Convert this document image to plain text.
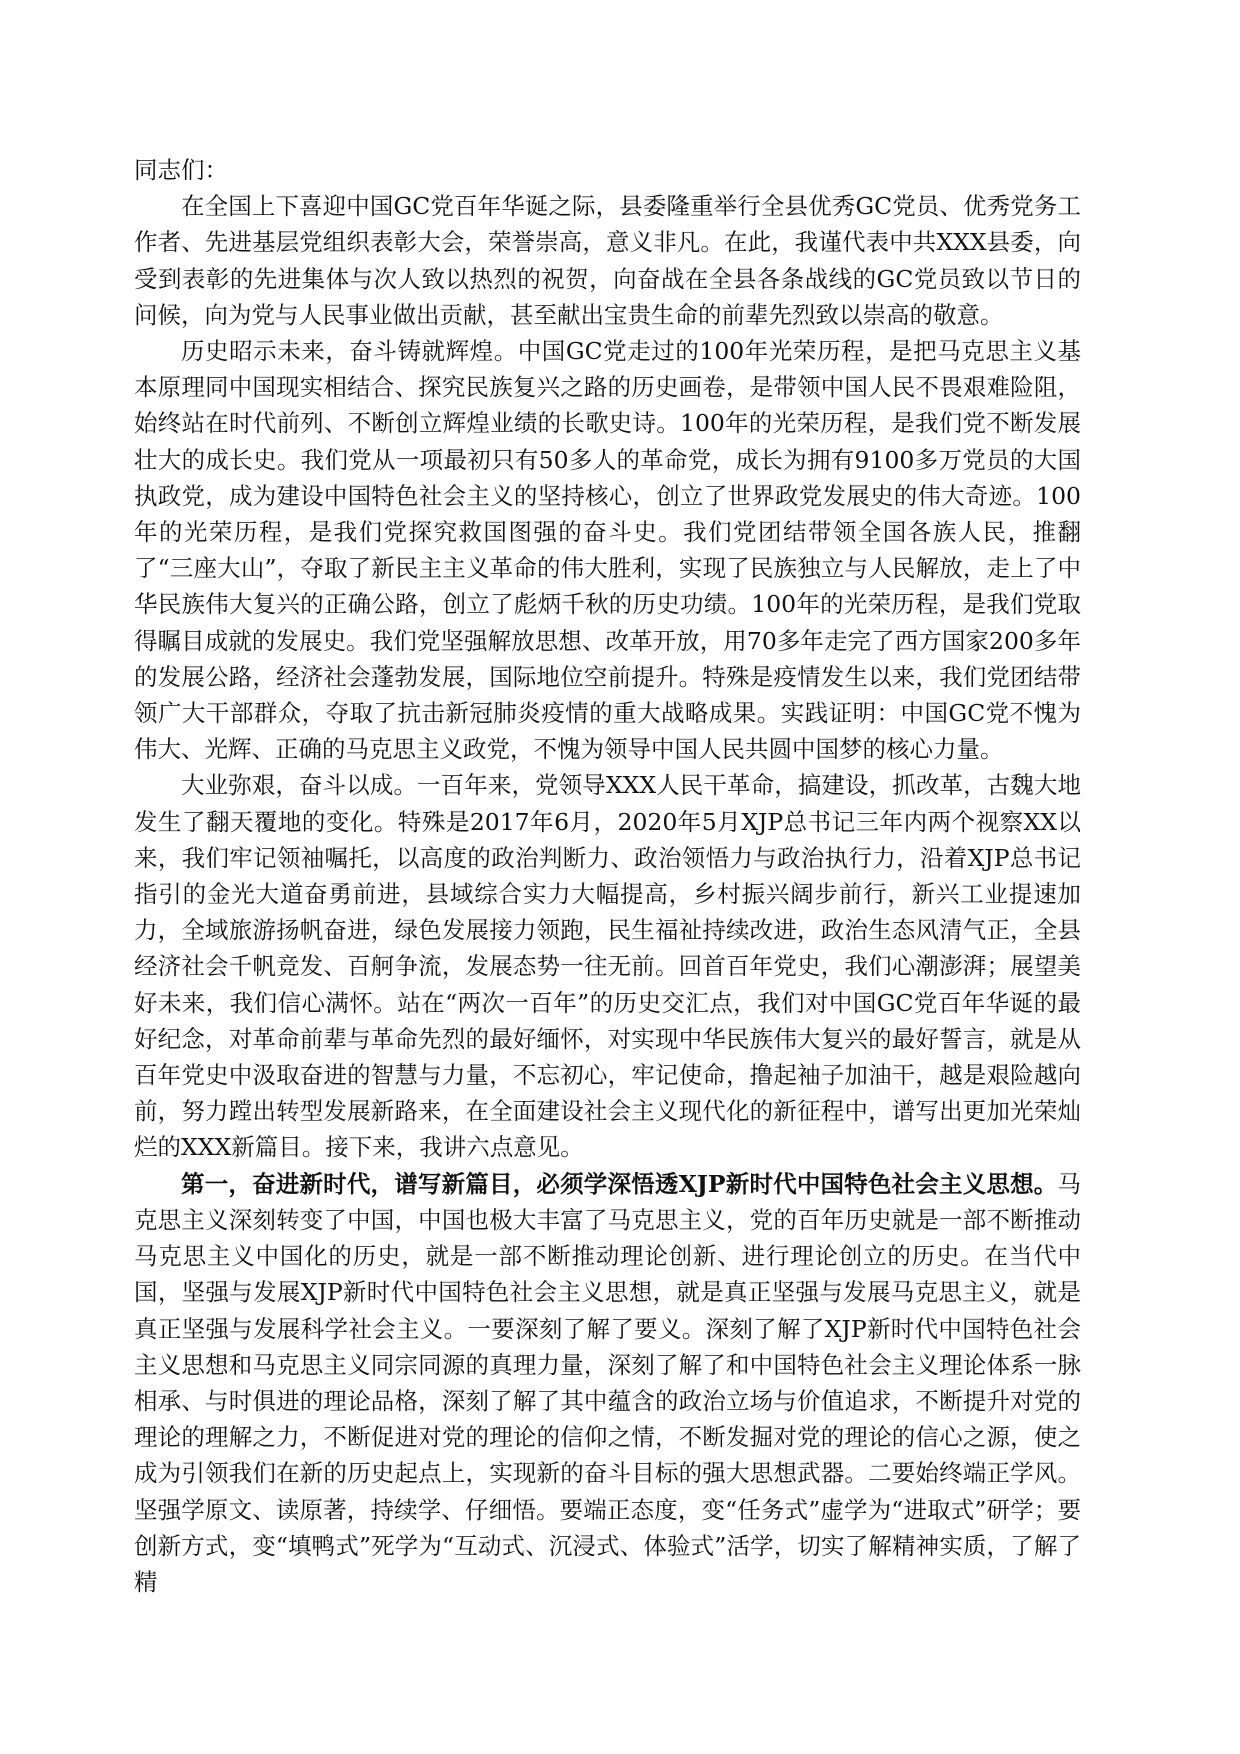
同志们：

在全国上下喜迎中国GC党百年华诞之际，县委隆重举行全县优秀GC党员、优秀党务工作者、先进基层党组织表彰大会，荣誉崇高，意义非凡。在此，我谨代表中共XXX县委，向受到表彰的先进集体与次人致以热烈的祝贺，向奋战在全县各条战线的GC党员致以节日的问候，向为党与人民事业做出贡献，甚至献出宝贵生命的前辈先烈致以崇高的敬意。

历史昭示未来，奋斗铸就辉煌。中国GC党走过的100年光荣历程，是把马克思主义基本原理同中国现实相结合、探究民族复兴之路的历史画卷，是带领中国人民不畏艰难险阻，始终站在时代前列、不断创立辉煌业绩的长歌史诗。100年的光荣历程，是我们党不断发展壮大的成长史。我们党从一项最初只有50多人的革命党，成长为拥有9100多万党员的大国执政党，成为建设中国特色社会主义的坚持核心，创立了世界政党发展史的伟大奇迹。100年的光荣历程，是我们党探究救国图强的奋斗史。我们党团结带领全国各族人民，推翻了“三座大山”，夺取了新民主主义革命的伟大胜利，实现了民族独立与人民解放，走上了中华民族伟大复兴的正确公路，创立了彪炳千秋的历史功绩。100年的光荣历程，是我们党取得瞩目成就的发展史。我们党坚强解放思想、改革开放，用70多年走完了西方国家200多年的发展公路，经济社会蓬勃发展，国际地位空前提升。特殊是疫情发生以来，我们党团结带领广大干部群众，夺取了抗击新冠肺炎疫情的重大战略成果。实践证明：中国GC党不愧为伟大、光辉、正确的马克思主义政党，不愧为领导中国人民共圆中国梦的核心力量。

大业弥艰，奋斗以成。一百年来，党领导XXX人民干革命，搞建设，抓改革，古魏大地发生了翻天覆地的变化。特殊是2017年6月，2020年5月XJP总书记三年内两个视察XX以来，我们牢记领袖嘱托，以高度的政治判断力、政治领悟力与政治执行力，沿着XJP总书记指引的金光大道奋勇前进，县域综合实力大幅提高，乡村振兴阔步前行，新兴工业提速加力，全域旅游扬帆奋进，绿色发展接力领跑，民生福祉持续改进，政治生态风清气正，全县经济社会千帆竞发、百舸争流，发展态势一往无前。回首百年党史，我们心潮澎湃；展望美好未来，我们信心满怀。站在“两次一百年”的历史交汇点，我们对中国GC党百年华诞的最好纪念，对革命前辈与革命先烈的最好缅怀，对实现中华民族伟大复兴的最好誓言，就是从百年党史中汲取奋进的智慧与力量，不忘初心，牢记使命，撸起袖子加油干，越是艰险越向前，努力蹚出转型发展新路来，在全面建设社会主义现代化的新征程中，谱写出更加光荣灿烂的XXX新篇目。接下来，我讲六点意见。

第一，奋进新时代，谱写新篇目，必须学深悟透XJP新时代中国特色社会主义思想。马克思主义深刻转变了中国，中国也极大丰富了马克思主义，党的百年历史就是一部不断推动马克思主义中国化的历史，就是一部不断推动理论创新、进行理论创立的历史。在当代中国，坚强与发展XJP新时代中国特色社会主义思想，就是真正坚强与发展马克思主义，就是真正坚强与发展科学社会主义。一要深刻了解了要义。深刻了解了XJP新时代中国特色社会主义思想和马克思主义同宗同源的真理力量，深刻了解了和中国特色社会主义理论体系一脉相承、与时俱进的理论品格，深刻了解了其中蕴含的政治立场与价值追求，不断提升对党的理论的理解之力，不断促进对党的理论的信仰之情，不断发掘对党的理论的信心之源，使之成为引领我们在新的历史起点上，实现新的奋斗目标的强大思想武器。二要始终端正学风。坚强学原文、读原著，持续学、仔细悟。要端正态度，变“任务式”虚学为“进取式”研学；要创新方式，变“填鸭式”死学为“互动式、沉浸式、体验式”活学，切实了解精神实质，了解了精
